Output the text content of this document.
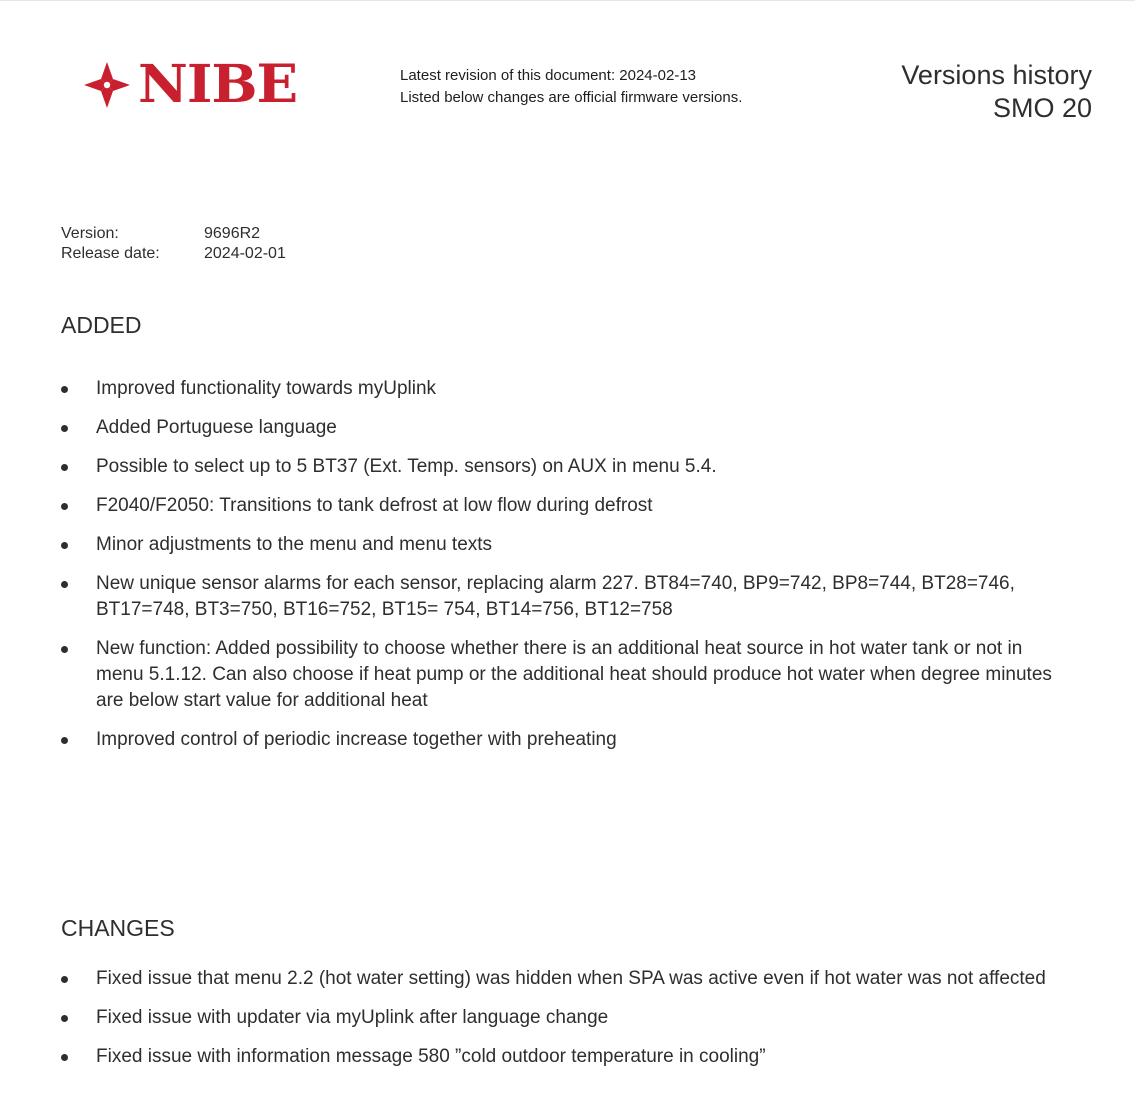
NIBE	Latest revision of this document: 2024-02-13
Listed below changes are official firmware versions.
Versions history
SMO 20
Version:	9696R2
Release date:	2024-02-01
ADDED
Improved functionality towards myUplink
Added Portuguese language
Possible to select up to 5 BT37 (Ext. Temp. sensors) on AUX in menu 5.4.
F2040/F2050: Transitions to tank defrost at low flow during defrost
Minor adjustments to the menu and menu texts
New unique sensor alarms for each sensor, replacing alarm 227. BT84=740, BP9=742, BP8=744, BT28=746, BT17=748, BT3=750, BT16=752, BT15= 754, BT14=756, BT12=758
New function: Added possibility to choose whether there is an additional heat source in hot water tank or not in menu 5.1.12. Can also choose if heat pump or the additional heat should produce hot water when degree minutes are below start value for additional heat
Improved control of periodic increase together with preheating
CHANGES
Fixed issue that menu 2.2 (hot water setting) was hidden when SPA was active even if hot water was not affected
Fixed issue with updater via myUplink after language change
Fixed issue with information message 580 ”cold outdoor temperature in cooling”
